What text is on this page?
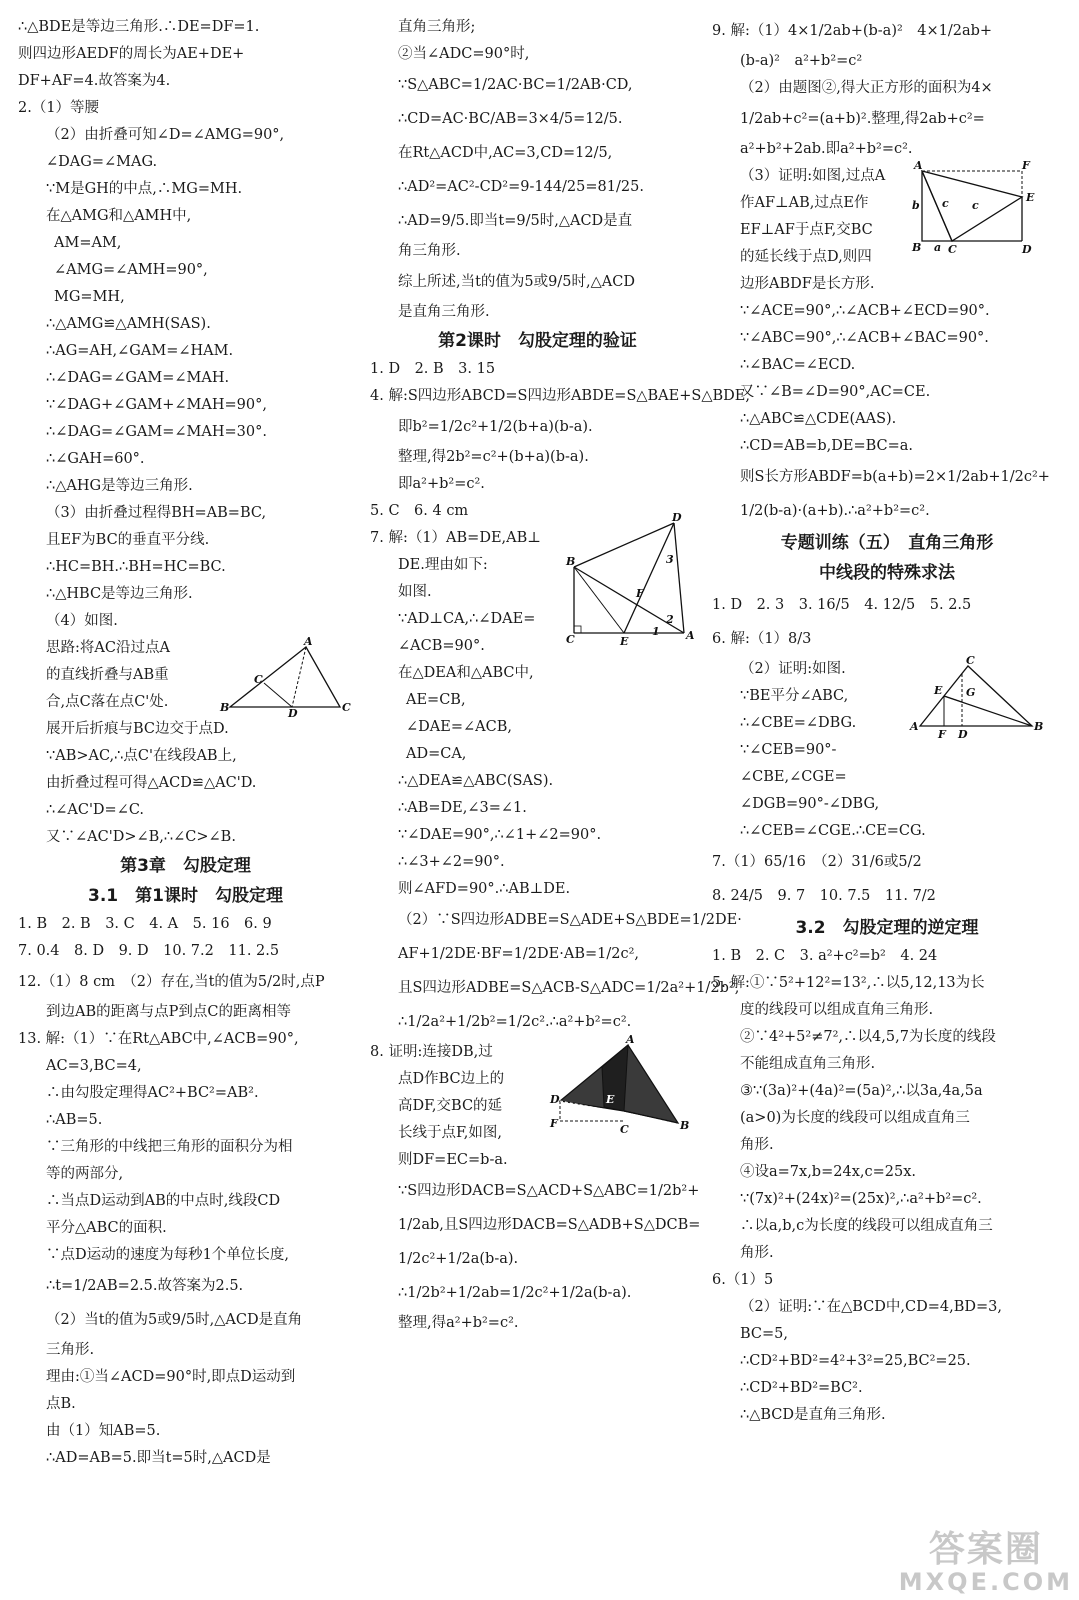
∴△BDE是等边三角形.∴DE=DF=1.
则四边形AEDF的周长为AE+DE+
DF+AF=4.故答案为4.
2.（1）等腰
（2）由折叠可知∠D=∠AMG=90°,
∠DAG=∠MAG.
∵M是GH的中点,∴MG=MH.
在△AMG和△AMH中,
AM=AM,
∠AMG=∠AMH=90°,
MG=MH,
∴△AMG≌△AMH(SAS).
∴AG=AH,∠GAM=∠HAM.
∴∠DAG=∠GAM=∠MAH.
∵∠DAG+∠GAM+∠MAH=90°,
∴∠DAG=∠GAM=∠MAH=30°.
∴∠GAH=60°.
∴△AHG是等边三角形.
（3）由折叠过程得BH=AB=BC,
且EF为BC的垂直平分线.
∴HC=BH.∴BH=HC=BC.
∴△HBC是等边三角形.
（4）如图.
A
B	C
D
C
思路:将AC沿过点A
的直线折叠与AB重
合,点C落在点C'处.
展开后折痕与BC边交于点D.
∵AB>AC,∴点C'在线段AB上,
由折叠过程可得△ACD≌△AC'D.
∴∠AC'D=∠C.
又∵∠AC'D>∠B,∴∠C>∠B.
第3章　勾股定理
3.1　第1课时　勾股定理
1. B　2. B　3. C　4. A　5. 16　6. 9
7. 0.4　8. D　9. D　10. 7.2　11. 2.5
12.（1）8 cm　（2）存在,当t的值为5/2时,点P
到边AB的距离与点P到点C的距离相等
13. 解:（1）∵在Rt△ABC中,∠ACB=90°,
AC=3,BC=4,
∴由勾股定理得AC²+BC²=AB².
∴AB=5.
∵三角形的中线把三角形的面积分为相
等的两部分,
∴当点D运动到AB的中点时,线段CD
平分△ABC的面积.
∵点D运动的速度为每秒1个单位长度,
∴t=1/2AB=2.5.故答案为2.5.
（2）当t的值为5或9/5时,△ACD是直角
三角形.
理由:①当∠ACD=90°时,即点D运动到
点B.
由（1）知AB=5.
∴AD=AB=5.即当t=5时,△ACD是
直角三角形;
②当∠ADC=90°时,
∵S△ABC=1/2AC·BC=1/2AB·CD,
∴CD=AC·BC/AB=3×4/5=12/5.
在Rt△ACD中,AC=3,CD=12/5,
∴AD²=AC²-CD²=9-144/25=81/25.
∴AD=9/5.即当t=9/5时,△ACD是直
角三角形.
综上所述,当t的值为5或9/5时,△ACD
是直角三角形.
第2课时　勾股定理的验证
1. D　2. B　3. 15
4. 解:S四边形ABCD=S四边形ABDE=S△BAE+S△BDE,
即b²=1/2c²+1/2(b+a)(b-a).
整理,得2b²=c²+(b+a)(b-a).
即a²+b²=c².
5. C　6. 4 cm	D
B
C	E	A
F
3
2
1
7. 解:（1）AB=DE,AB⊥
DE.理由如下:
如图.
∵AD⊥CA,∴∠DAE=
∠ACB=90°.
在△DEA和△ABC中,
AE=CB,
∠DAE=∠ACB,
AD=CA,
∴△DEA≌△ABC(SAS).
∴AB=DE,∠3=∠1.
∵∠DAE=90°,∴∠1+∠2=90°.
∴∠3+∠2=90°.
则∠AFD=90°.∴AB⊥DE.
（2）∵S四边形ADBE=S△ADE+S△BDE=1/2DE·
AF+1/2DE·BF=1/2DE·AB=1/2c²,
且S四边形ADBE=S△ACB-S△ADC=1/2a²+1/2b²,
∴1/2a²+1/2b²=1/2c².∴a²+b²=c².
A
D
F	C	B
E
8. 证明:连接DB,过
点D作BC边上的
高DF,交BC的延
长线于点F,如图,
则DF=EC=b-a.
∵S四边形DACB=S△ACD+S△ABC=1/2b²+
1/2ab,且S四边形DACB=S△ADB+S△DCB=
1/2c²+1/2a(b-a).
∴1/2b²+1/2ab=1/2c²+1/2a(b-a).
整理,得a²+b²=c².
9. 解:（1）4×1/2ab+(b-a)²　4×1/2ab+
(b-a)²　a²+b²=c²
（2）由题图②,得大正方形的面积为4×
1/2ab+c²=(a+b)².整理,得2ab+c²=
a²+b²+2ab.即a²+b²=c².
A	F
E
B C	D
b
a
c c
（3）证明:如图,过点A
作AF⊥AB,过点E作
EF⊥AF于点F,交BC
的延长线于点D,则四
边形ABDF是长方形.
∵∠ACE=90°,∴∠ACB+∠ECD=90°.
∵∠ABC=90°,∴∠ACB+∠BAC=90°.
∴∠BAC=∠ECD.
又∵∠B=∠D=90°,AC=CE.
∴△ABC≌△CDE(AAS).
∴CD=AB=b,DE=BC=a.
则S长方形ABDF=b(a+b)=2×1/2ab+1/2c²+
1/2(b-a)·(a+b).∴a²+b²=c².
专题训练（五）　直角三角形
中线段的特殊求法
1. D　2. 3　3. 16/5　4. 12/5　5. 2.5
6. 解:（1）8/3
C
E G
A
F D
B
（2）证明:如图.
∵BE平分∠ABC,
∴∠CBE=∠DBG.
∵∠CEB=90°-
∠CBE,∠CGE=
∠DGB=90°-∠DBG,
∴∠CEB=∠CGE.∴CE=CG.
7.（1）65/16　（2）31/6或5/2
8. 24/5　9. 7　10. 7.5　11. 7/2
3.2　勾股定理的逆定理
1. B　2. C　3. a²+c²=b²　4. 24
5. 解:①∵5²+12²=13²,∴以5,12,13为长
度的线段可以组成直角三角形.
②∵4²+5²≠7²,∴以4,5,7为长度的线段
不能组成直角三角形.
③∵(3a)²+(4a)²=(5a)²,∴以3a,4a,5a
(a>0)为长度的线段可以组成直角三
角形.
④设a=7x,b=24x,c=25x.
∵(7x)²+(24x)²=(25x)²,∴a²+b²=c².
∴以a,b,c为长度的线段可以组成直角三
角形.
6.（1）5
（2）证明:∵在△BCD中,CD=4,BD=3,
BC=5,
∴CD²+BD²=4²+3²=25,BC²=25.
∴CD²+BD²=BC².
∴△BCD是直角三角形.
答案圈
MXQE.COM
